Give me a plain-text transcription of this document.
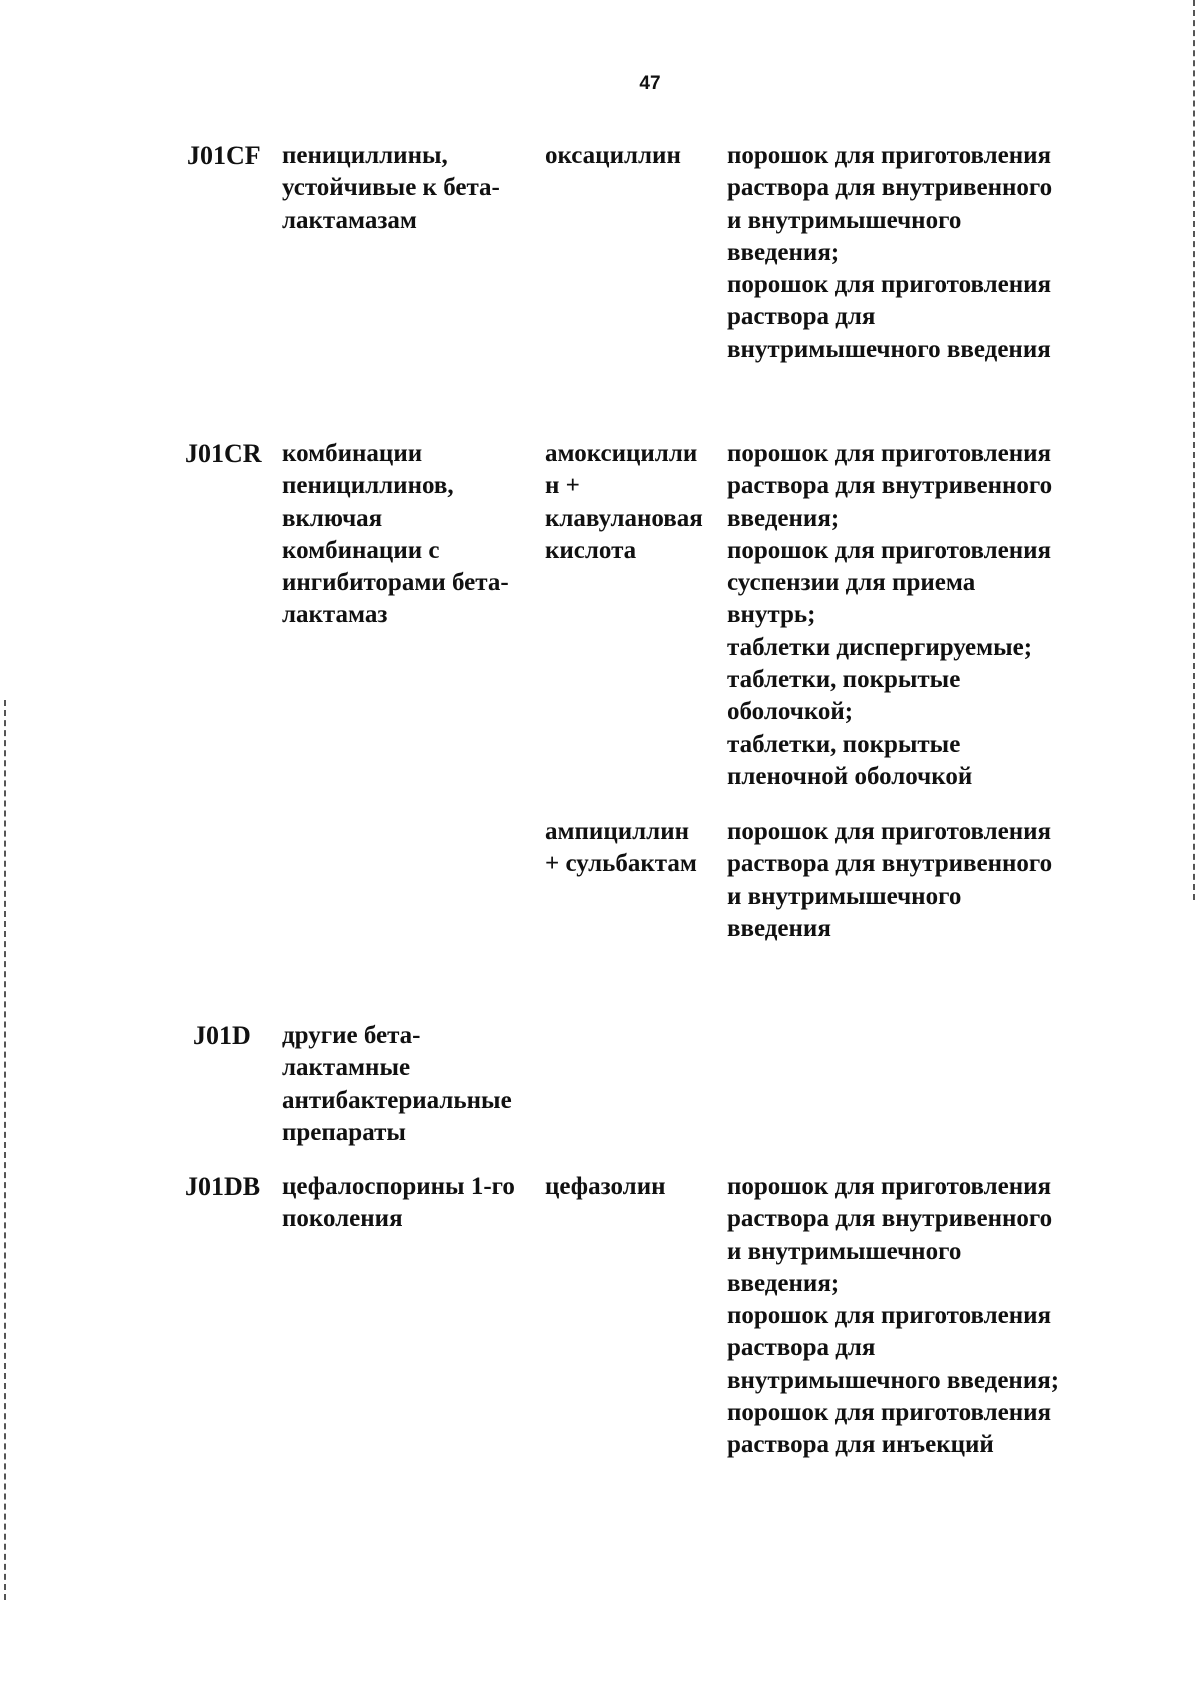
47
J01CF пенициллины,
устойчивые к бета-
лактамазам
оксациллин порошок для приготовления
раствора для внутривенного
и внутримышечного
введения;
порошок для приготовления
раствора для
внутримышечного введения
J01CR комбинации
пенициллинов,
включая
комбинации с
ингибиторами бета-
лактамаз
амоксицилли
н +
клавулановая
кислота
порошок для приготовления
раствора для внутривенного
введения;
порошок для приготовления
суспензии для приема
внутрь;
таблетки диспергируемые;
таблетки, покрытые
оболочкой;
таблетки, покрытые
пленочной оболочкой
ампициллин
+ сульбактам
порошок для приготовления
раствора для внутривенного
и внутримышечного
введения
J01D другие бета-
лактамные
антибактериальные
препараты
J01DB цефалоспорины 1-го
поколения
цефазолин порошок для приготовления
раствора для внутривенного
и внутримышечного
введения;
порошок для приготовления
раствора для
внутримышечного введения;
порошок для приготовления
раствора для инъекций
